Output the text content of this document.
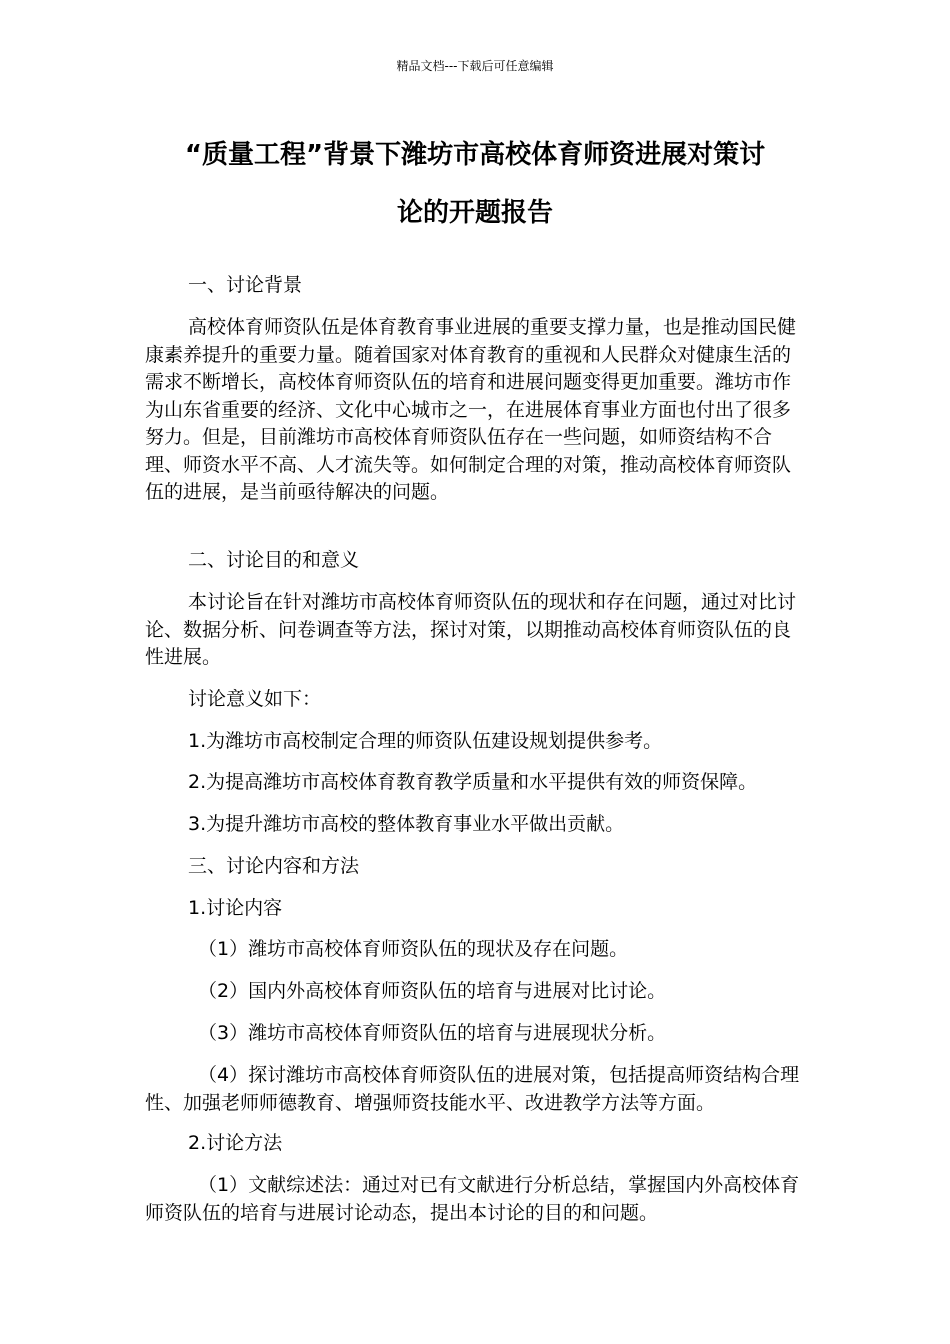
精品文档---下载后可任意编辑
“质量工程”背景下潍坊市高校体育师资进展对策讨
论的开题报告

一、讨论背景

高校体育师资队伍是体育教育事业进展的重要支撑力量，也是推动国民健康素养提升的重要力量。随着国家对体育教育的重视和人民群众对健康生活的需求不断增长，高校体育师资队伍的培育和进展问题变得更加重要。潍坊市作为山东省重要的经济、文化中心城市之一，在进展体育事业方面也付出了很多努力。但是，目前潍坊市高校体育师资队伍存在一些问题，如师资结构不合理、师资水平不高、人才流失等。如何制定合理的对策，推动高校体育师资队伍的进展，是当前亟待解决的问题。

二、讨论目的和意义

本讨论旨在针对潍坊市高校体育师资队伍的现状和存在问题，通过对比讨论、数据分析、问卷调查等方法，探讨对策，以期推动高校体育师资队伍的良性进展。

讨论意义如下：

1.为潍坊市高校制定合理的师资队伍建设规划提供参考。

2.为提高潍坊市高校体育教育教学质量和水平提供有效的师资保障。

3.为提升潍坊市高校的整体教育事业水平做出贡献。

三、讨论内容和方法

1.讨论内容

（1）潍坊市高校体育师资队伍的现状及存在问题。

（2）国内外高校体育师资队伍的培育与进展对比讨论。

（3）潍坊市高校体育师资队伍的培育与进展现状分析。

（4）探讨潍坊市高校体育师资队伍的进展对策，包括提高师资结构合理性、加强老师师德教育、增强师资技能水平、改进教学方法等方面。

2.讨论方法

（1）文献综述法：通过对已有文献进行分析总结，掌握国内外高校体育师资队伍的培育与进展讨论动态，提出本讨论的目的和问题。
